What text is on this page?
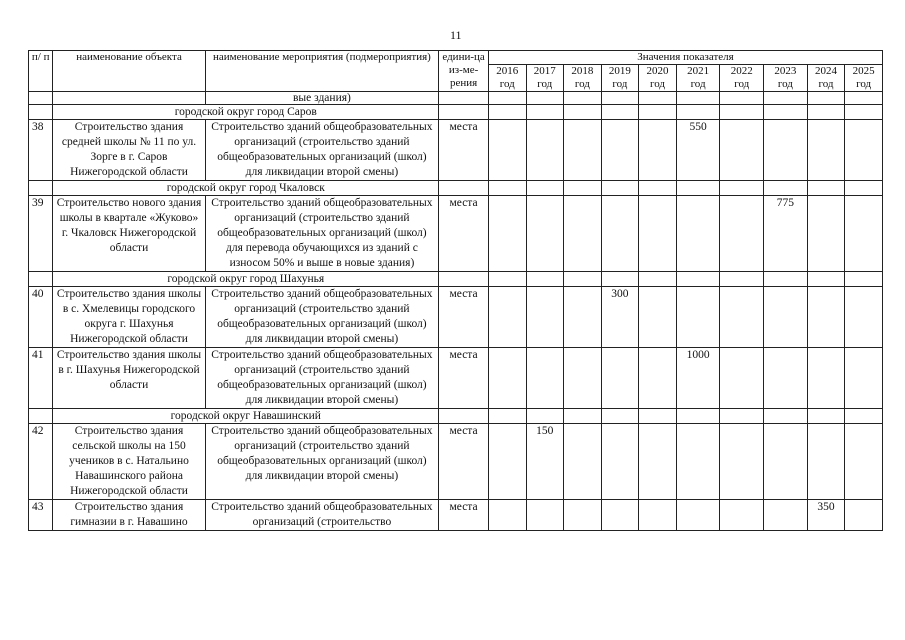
11
п/ п	наименование объекта	наименование мероприятия (подмероприятия)	едини-ца из-ме-рения	Значения показателя									
				2016 год	2017 год	2018 год	2019 год	2020 год	2021 год	2022 год	2023 год	2024 год	2025 год
		вые здания)											
	городской округ город Саров												
38	Строительство здания средней школы № 11 по ул. Зорге в г. Саров Нижегородской области	Строительство зданий общеобразовательных организаций (строительство зданий общеобразовательных организаций (школ) для ликвидации второй смены)	места						550				
	городской округ город Чкаловск												
39	Строительство нового здания школы в квартале «Жуково» г. Чкаловск Нижегородской области	Строительство зданий общеобразовательных организаций (строительство зданий общеобразовательных организаций (школ) для перевода обучающихся из зданий с износом 50% и выше в новые здания)	места								775		
	городской округ город Шахунья												
40	Строительство здания школы в с. Хмелевицы городского округа г. Шахунья Нижегородской области	Строительство зданий общеобразовательных организаций (строительство зданий общеобразовательных организаций (школ) для ликвидации второй смены)	места				300						
41	Строительство здания школы в г. Шахунья Нижегородской области	Строительство зданий общеобразовательных организаций (строительство зданий общеобразовательных организаций (школ) для ликвидации второй смены)	места						1000				
	городской округ Навашинский												
42	Строительство здания сельской школы на 150 учеников в с. Натальино Навашинского района Нижегородской области	Строительство зданий общеобразовательных организаций (строительство зданий общеобразовательных организаций (школ) для ликвидации второй смены)	места		150								
43	Строительство здания гимназии в г. Навашино	Строительство зданий общеобразовательных организаций (строительство	места									350	
